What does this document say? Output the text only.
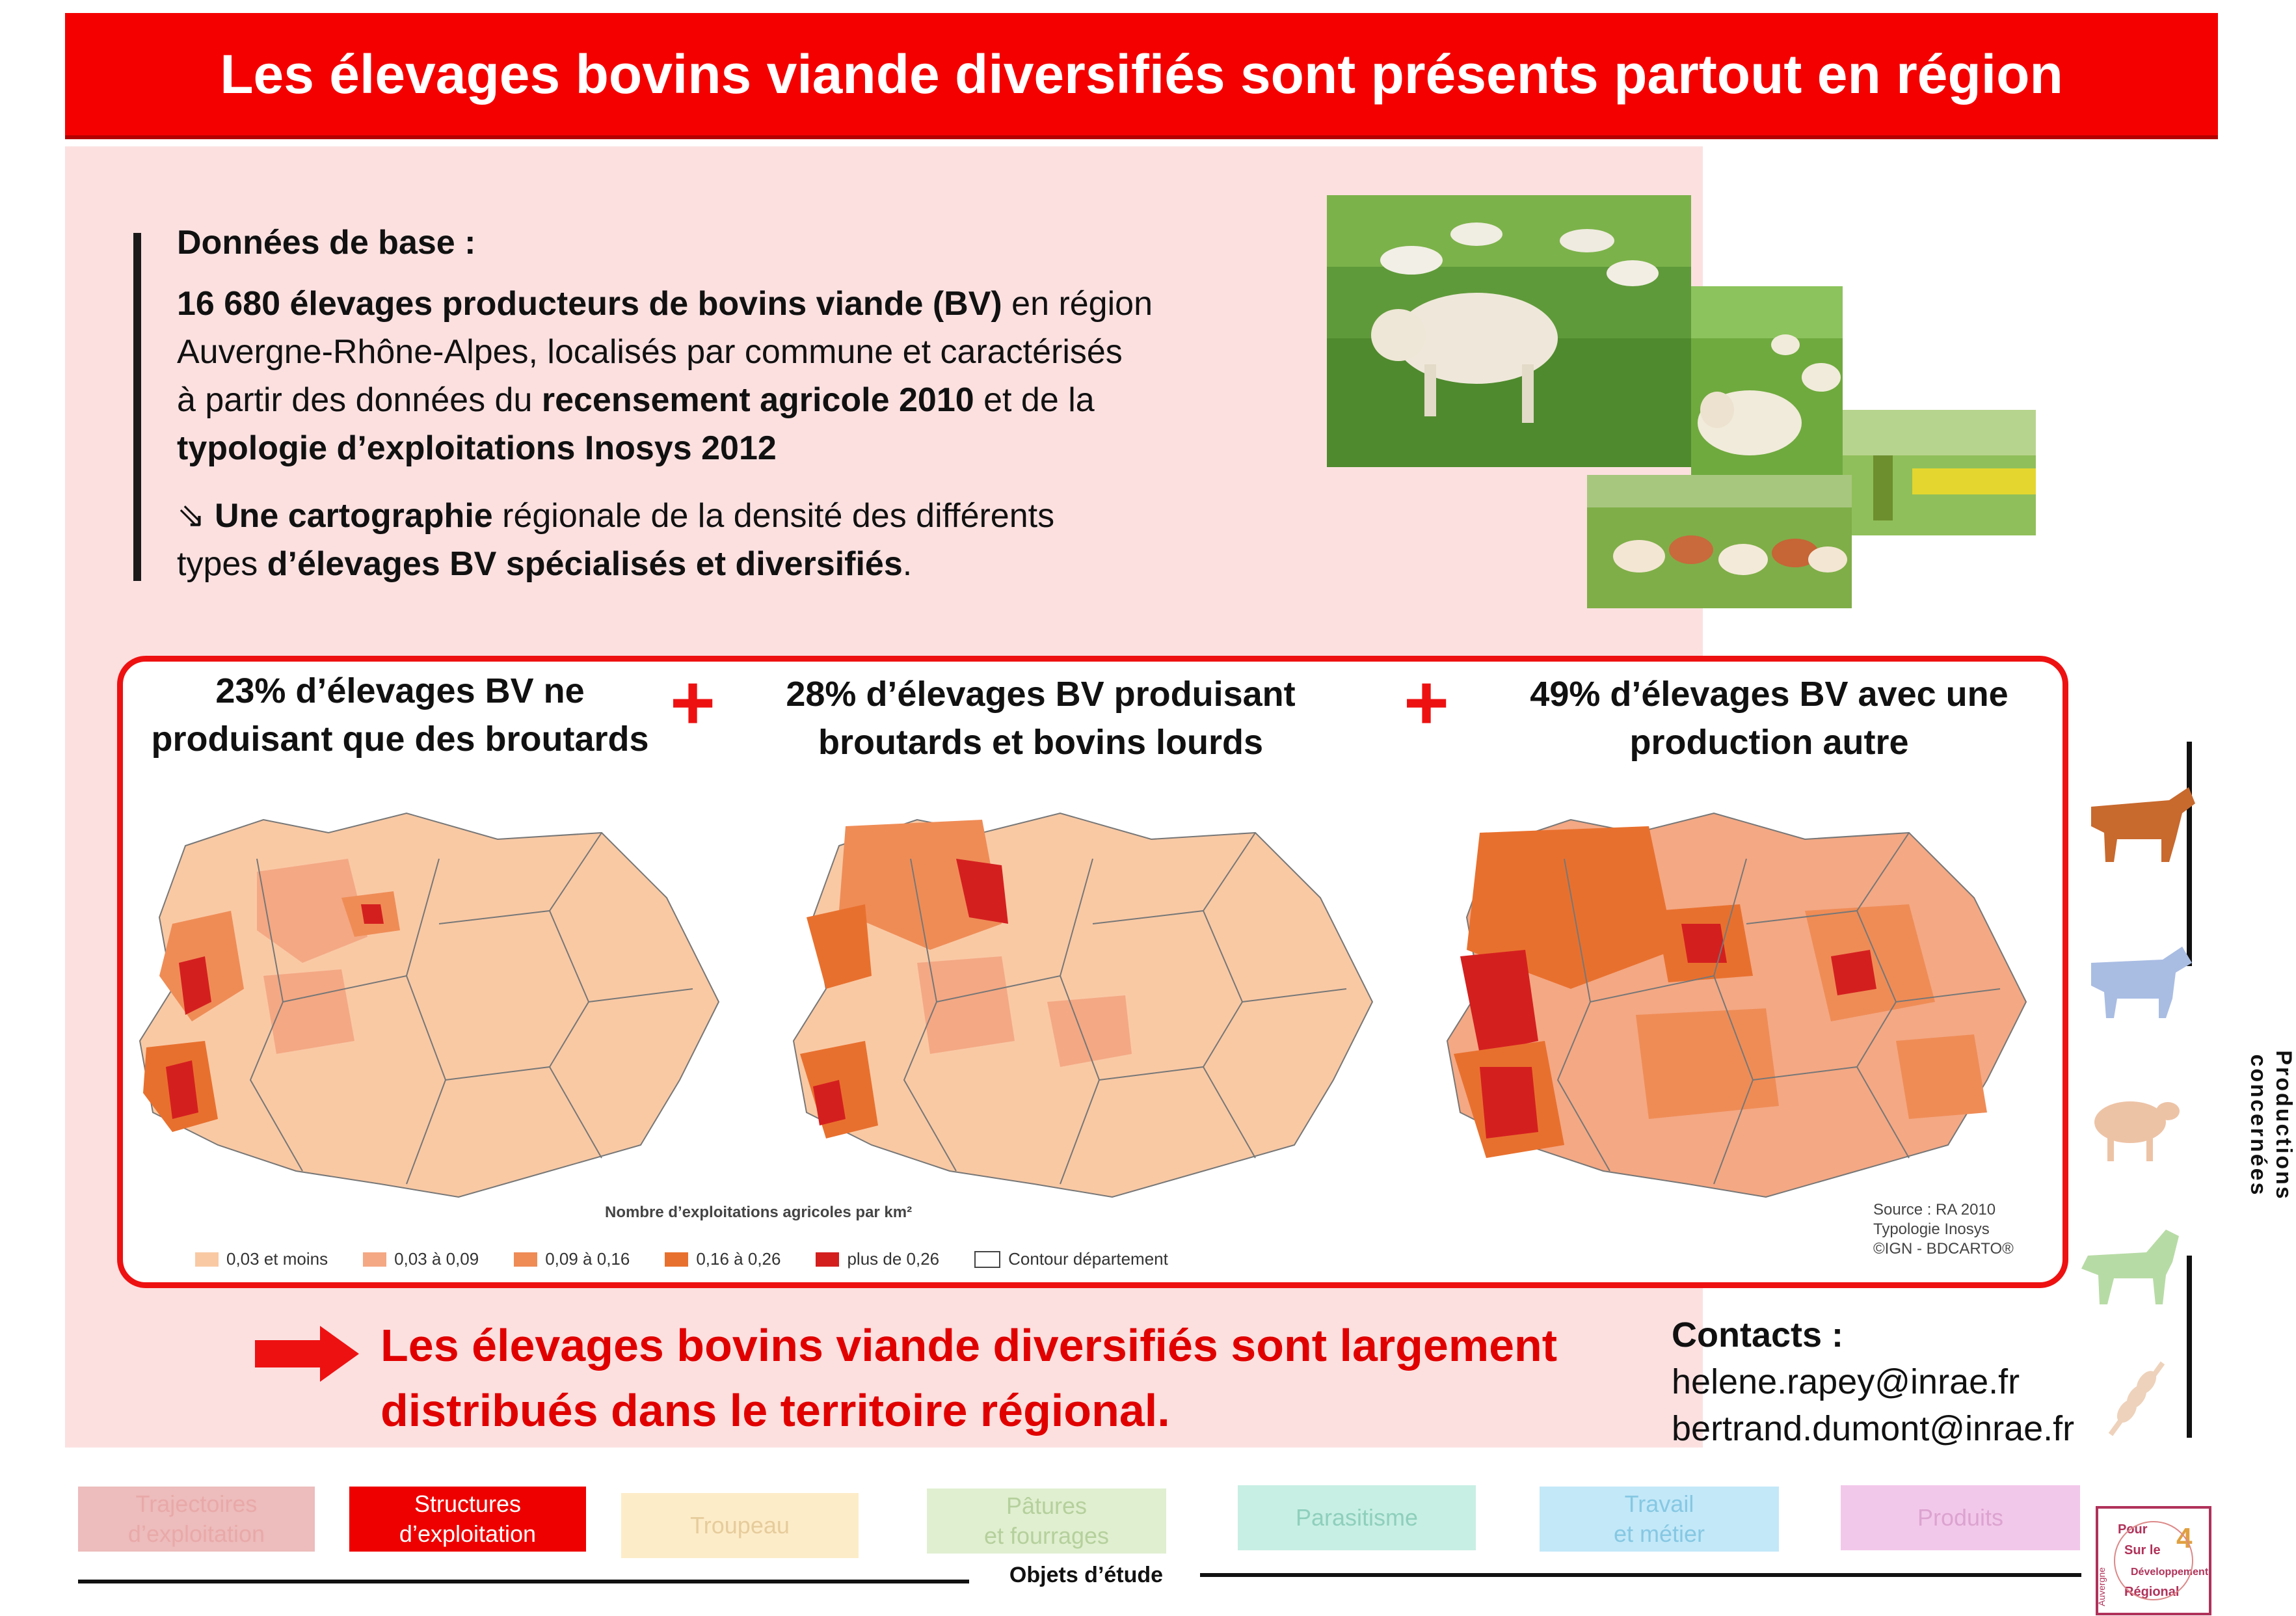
Les élevages bovins viande diversifiés sont présents partout en région
Données de base :
16 680 élevages producteurs de bovins viande (BV) en région
Auvergne-Rhône-Alpes, localisés par commune et caractérisés
à partir des données du recensement agricole 2010 et de la
typologie d’exploitations Inosys 2012
⇘ Une cartographie régionale de la densité des différents
types d’élevages BV spécialisés et diversifiés.
23% d’élevages BV ne
produisant que des broutards +	28% d’élevages BV produisant
broutards et bovins lourds	+	49% d’élevages BV avec une
production autre
Nombre d’exploitations agricoles par km²
0,03 et moins	0,03 à 0,09	0,09 à 0,16	0,16 à 0,26	plus de 0,26	Contour département
Source : RA 2010
Typologie Inosys
©IGN - BDCARTO®
Les élevages bovins viande diversifiés sont largement
distribués dans le territoire régional.
Contacts :
helene.rapey@inrae.fr
bertrand.dumont@inrae.fr
Productions concernées
Trajectoires
d’exploitation
Structures
d’exploitation	Troupeau
Pâtures
et fourrages
Parasitisme
Travail
et métier
Produits
Objets d’étude	Auvergne
Pour
Sur le
Développement
Régional
4
